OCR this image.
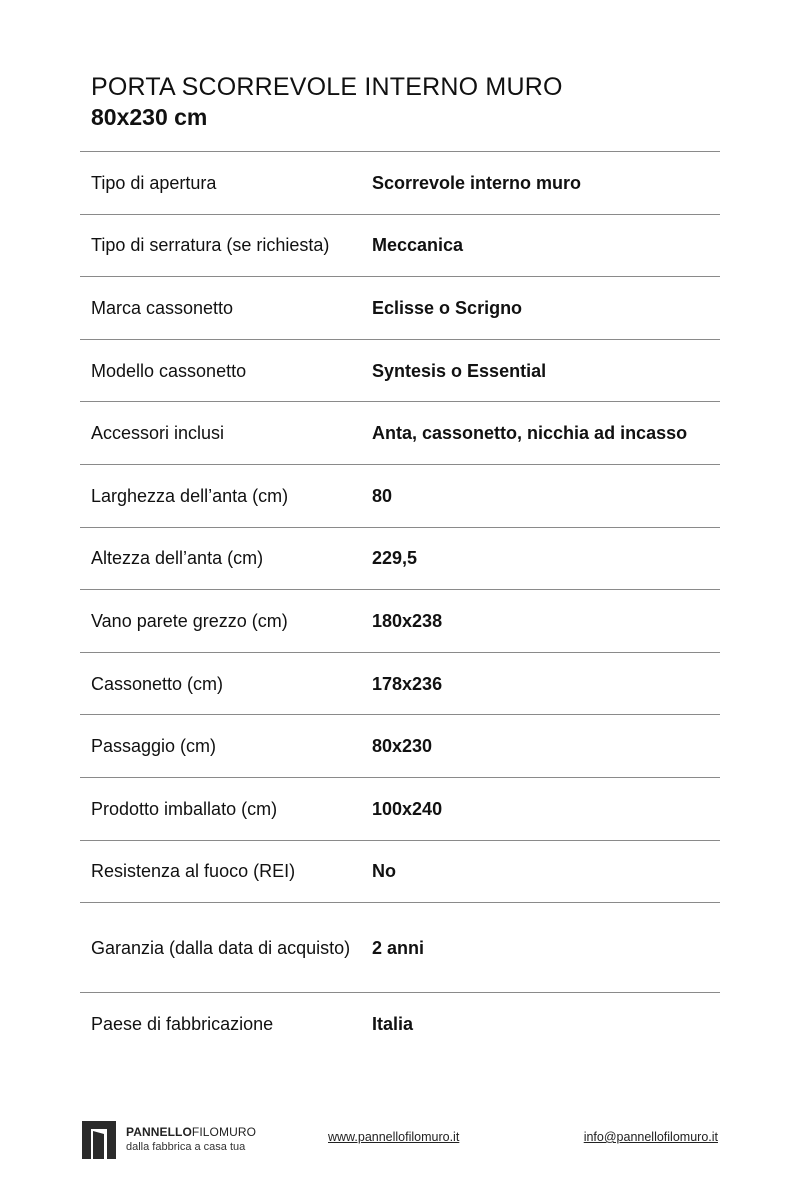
PORTA SCORREVOLE INTERNO MURO
80x230 cm
Tipo di apertura	Scorrevole interno muro
Tipo di serratura (se richiesta)	Meccanica
Marca cassonetto	Eclisse o Scrigno
Modello cassonetto	Syntesis o Essential
Accessori inclusi	Anta, cassonetto, nicchia ad incasso
Larghezza dell’anta (cm)	80
Altezza dell’anta (cm)	229,5
Vano parete grezzo (cm)	180x238
Cassonetto (cm)	178x236
Passaggio (cm)	80x230
Prodotto imballato (cm)	100x240
Resistenza al fuoco (REI)	No
Garanzia (dalla data di acquisto)	2 anni
Paese di fabbricazione	Italia
PANNELLOFILOMURO
dalla fabbrica a casa tua
www.pannellofilomuro.it	info@pannellofilomuro.it
